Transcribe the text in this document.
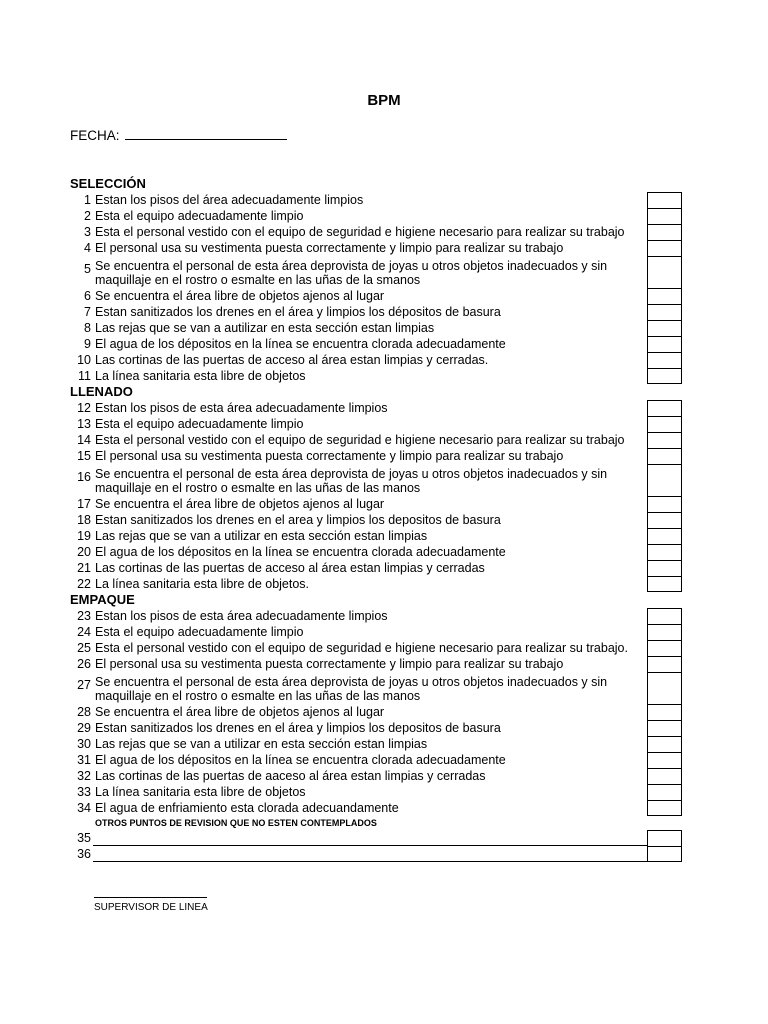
BPM
FECHA:
SELECCIÓN
1 Estan los pisos del área adecuadamente limpios
2 Esta el equipo adecuadamente limpio
3 Esta el personal vestido con el equipo de seguridad e higiene necesario para realizar su trabajo
4 El personal usa su vestimenta puesta correctamente y limpio para realizar su trabajo
5 Se encuentra el personal de esta área deprovista de joyas u otros objetos inadecuados y sin maquillaje en el rostro o esmalte en las uñas de la smanos
6 Se encuentra el área libre de objetos ajenos al lugar
7 Estan sanitizados los drenes en el área y limpios los dépositos de basura
8 Las rejas que se van a autilizar en esta sección estan limpias
9 El agua de los dépositos en la línea se encuentra clorada adecuadamente
10 Las cortinas de las puertas de acceso al área estan limpias y cerradas.
11 La línea sanitaria esta libre de objetos
LLENADO
12 Estan los pisos de esta área adecuadamente limpios
13 Esta el equipo adecuadamente limpio
14 Esta el personal vestido con el equipo de seguridad e higiene necesario para realizar su trabajo
15 El personal usa su vestimenta puesta correctamente y limpio para realizar su trabajo
16 Se encuentra el personal de esta área deprovista de joyas u otros objetos inadecuados y sin maquillaje en el rostro o esmalte en las uñas de las manos
17 Se encuentra el área libre de objetos ajenos al lugar
18 Estan sanitizados los drenes en el area y limpios los depositos de basura
19 Las rejas que se van a utilizar en esta sección estan limpias
20 El agua de los dépositos en la línea se encuentra clorada adecuadamente
21 Las cortinas de las puertas de acceso al área estan limpias y cerradas
22 La línea sanitaria esta libre de objetos.
EMPAQUE
23 Estan los pisos de esta área adecuadamente limpios
24 Esta el equipo adecuadamente limpio
25 Esta el personal vestido con el equipo de seguridad e higiene necesario para realizar su trabajo.
26 El personal usa su vestimenta puesta correctamente y limpio para realizar su trabajo
27 Se encuentra el personal de esta área deprovista de joyas u otros objetos inadecuados y sin maquillaje en el rostro o esmalte en las uñas de las manos
28 Se encuentra el área libre de objetos ajenos al lugar
29 Estan sanitizados los drenes en el área y limpios los depositos de basura
30 Las rejas que se van a utilizar en esta sección estan limpias
31 El agua de los dépositos en la línea se encuentra clorada adecuadamente
32 Las cortinas de las puertas de aaceso al área estan limpias y cerradas
33 La línea sanitaria esta libre de objetos
34 El agua de enfriamiento esta clorada adecuandamente
OTROS PUNTOS DE REVISION QUE NO ESTEN CONTEMPLADOS
35
36
SUPERVISOR DE LINEA
